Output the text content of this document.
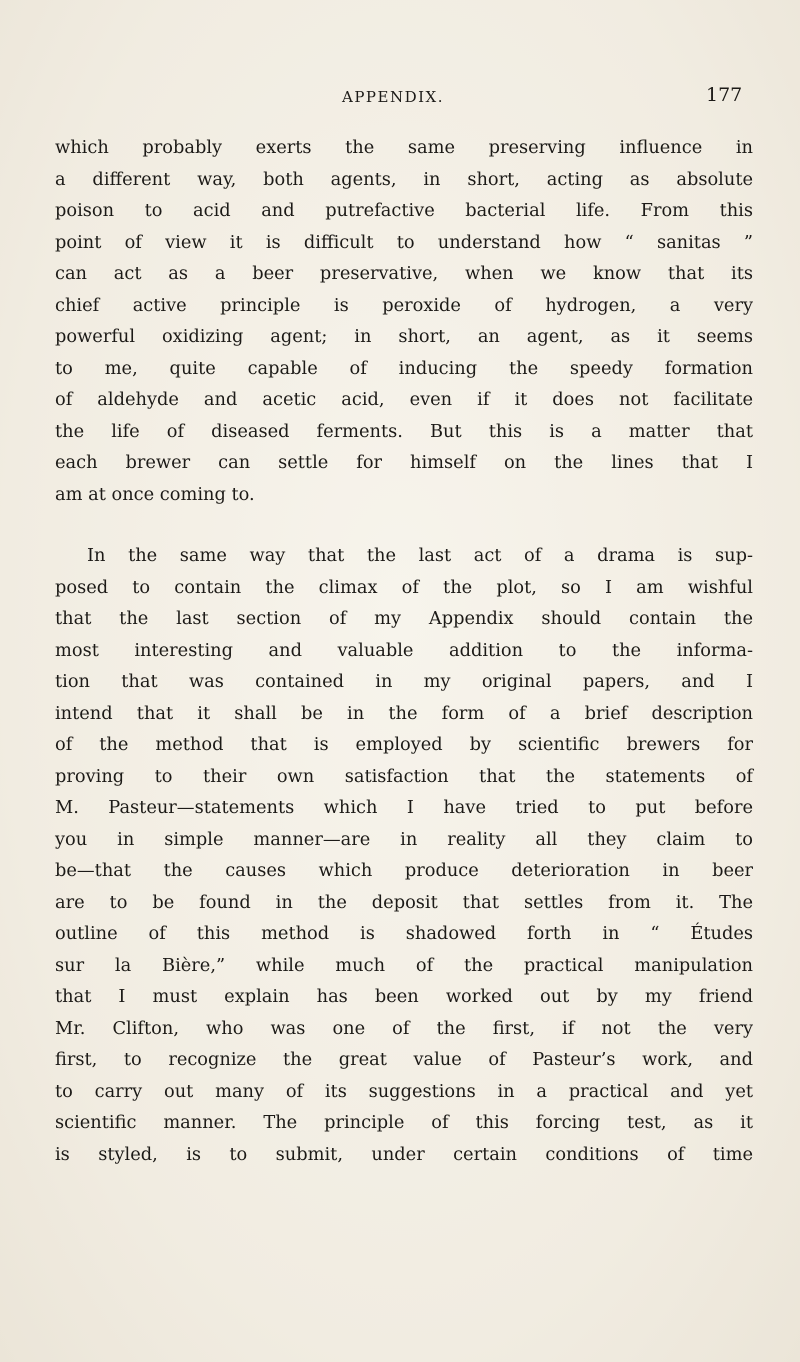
APPENDIX.	177
which probably exerts the same preserving influence in
a different way, both agents, in short, acting as absolute
poison to acid and putrefactive bacterial life. From this
point of view it is difficult to understand how “ sanitas ”
can act as a beer preservative, when we know that its
chief active principle is peroxide of hydrogen, a very
powerful oxidizing agent; in short, an agent, as it seems
to me, quite capable of inducing the speedy formation
of aldehyde and acetic acid, even if it does not facilitate
the life of diseased ferments. But this is a matter that
each brewer can settle for himself on the lines that I
am at once coming to.
In the same way that the last act of a drama is sup-
posed to contain the climax of the plot, so I am wishful
that the last section of my Appendix should contain the
most interesting and valuable addition to the informa-
tion that was contained in my original papers, and I
intend that it shall be in the form of a brief description
of the method that is employed by scientific brewers for
proving to their own satisfaction that the statements of
M. Pasteur—statements which I have tried to put before
you in simple manner—are in reality all they claim to
be—that the causes which produce deterioration in beer
are to be found in the deposit that settles from it. The
outline of this method is shadowed forth in “ Études
sur la Bière,” while much of the practical manipulation
that I must explain has been worked out by my friend
Mr. Clifton, who was one of the first, if not the very
first, to recognize the great value of Pasteur’s work, and
to carry out many of its suggestions in a practical and yet
scientific manner. The principle of this forcing test, as it
is styled, is to submit, under certain conditions of time
